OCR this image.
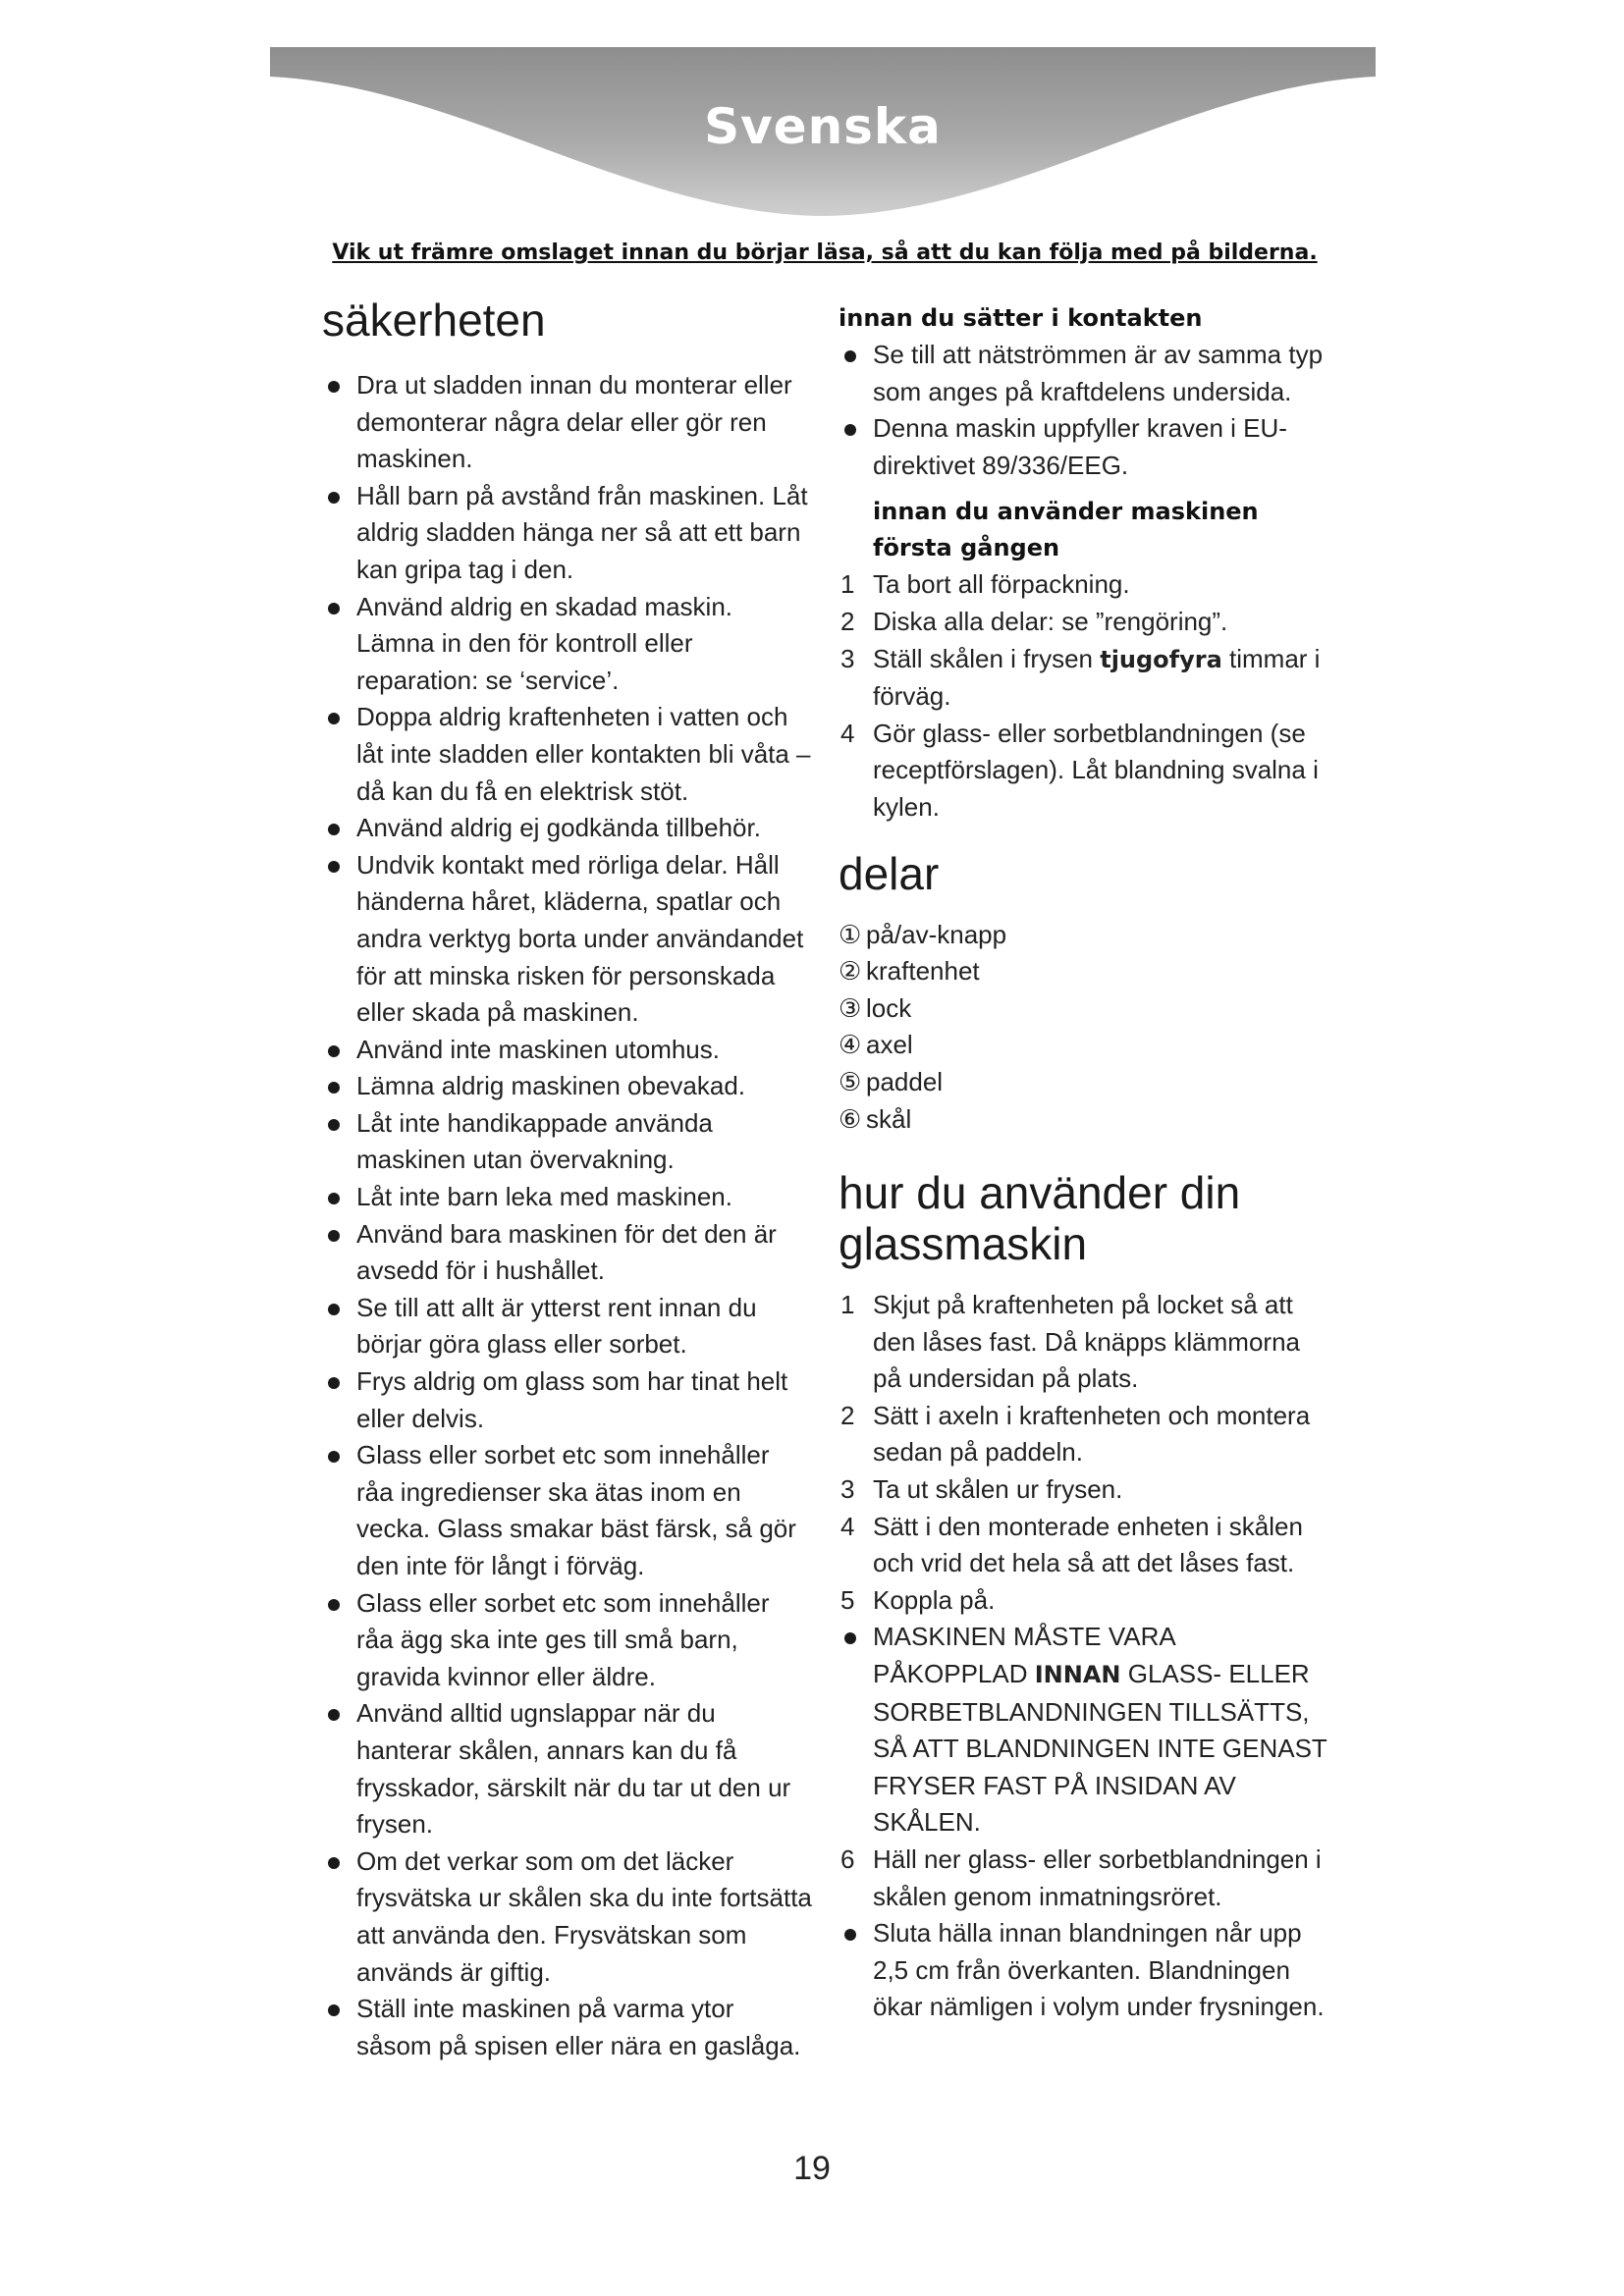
Svenska
Vik ut främre omslaget innan du börjar läsa, så att du kan följa med på bilderna.
säkerheten
Dra ut sladden innan du monterar eller demonterar några delar eller gör ren maskinen.
Håll barn på avstånd från maskinen. Låt aldrig sladden hänga ner så att ett barn kan gripa tag i den.
Använd aldrig en skadad maskin. Lämna in den för kontroll eller reparation: se ‘service’.
Doppa aldrig kraftenheten i vatten och låt inte sladden eller kontakten bli våta – då kan du få en elektrisk stöt.
Använd aldrig ej godkända tillbehör.
Undvik kontakt med rörliga delar. Håll händerna håret, kläderna, spatlar och andra verktyg borta under användandet för att minska risken för personskada eller skada på maskinen.
Använd inte maskinen utomhus.
Lämna aldrig maskinen obevakad.
Låt inte handikappade använda maskinen utan övervakning.
Låt inte barn leka med maskinen.
Använd bara maskinen för det den är avsedd för i hushållet.
Se till att allt är ytterst rent innan du börjar göra glass eller sorbet.
Frys aldrig om glass som har tinat helt eller delvis.
Glass eller sorbet etc som innehåller råa ingredienser ska ätas inom en vecka. Glass smakar bäst färsk, så gör den inte för långt i förväg.
Glass eller sorbet etc som innehåller råa ägg ska inte ges till små barn, gravida kvinnor eller äldre.
Använd alltid ugnslappar när du hanterar skålen, annars kan du få frysskador, särskilt när du tar ut den ur frysen.
Om det verkar som om det läcker frysvätska ur skålen ska du inte fortsätta att använda den. Frysvätskan som används är giftig.
Ställ inte maskinen på varma ytor såsom på spisen eller nära en gaslåga.
innan du sätter i kontakten
Se till att nätströmmen är av samma typ som anges på kraftdelens undersida.
Denna maskin uppfyller kraven i EU-direktivet 89/336/EEG.
innan du använder maskinen
första gången
1 Ta bort all förpackning.
2 Diska alla delar: se ”rengöring”.
3 Ställ skålen i frysen tjugofyra timmar i förväg.
4 Gör glass- eller sorbetblandningen (se receptförslagen). Låt blandning svalna i kylen.
delar
① på/av-knapp
② kraftenhet
③ lock
④ axel
⑤ paddel
⑥ skål
hur du använder din
glassmaskin
1 Skjut på kraftenheten på locket så att den låses fast. Då knäpps klämmorna på undersidan på plats.
2 Sätt i axeln i kraftenheten och montera sedan på paddeln.
3 Ta ut skålen ur frysen.
4 Sätt i den monterade enheten i skålen och vrid det hela så att det låses fast.
5 Koppla på.
MASKINEN MÅSTE VARA PÅKOPPLAD INNAN GLASS- ELLER SORBETBLANDNINGEN TILLSÄTTS, SÅ ATT BLANDNINGEN INTE GENAST FRYSER FAST PÅ INSIDAN AV SKÅLEN.
6 Häll ner glass- eller sorbetblandningen i skålen genom inmatningsröret.
Sluta hälla innan blandningen når upp 2,5 cm från överkanten. Blandningen ökar nämligen i volym under frysningen.
19
